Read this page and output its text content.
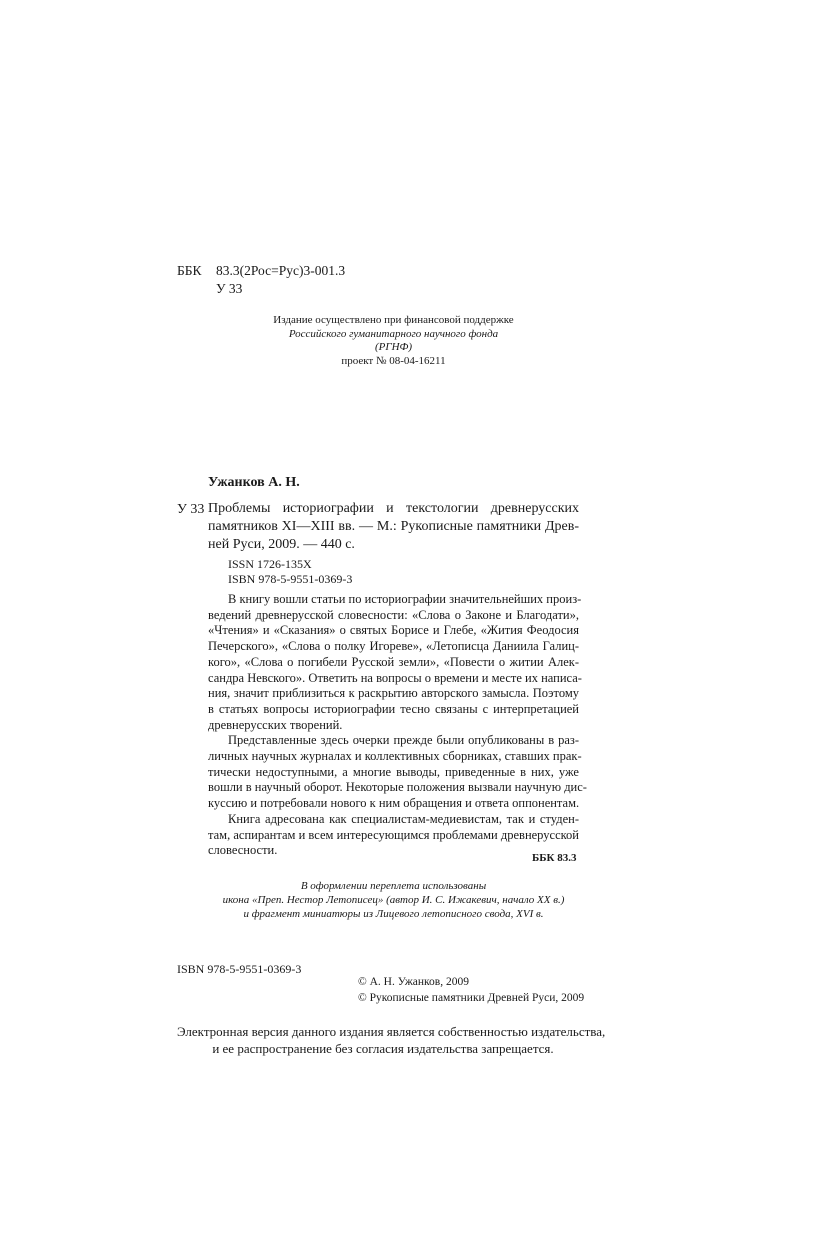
ББК 83.3(2Рос=Рус)3-001.3
У 33
Издание осуществлено при финансовой поддержке
Российского гуманитарного научного фонда
(РГНФ)
проект № 08-04-16211
Ужанков А. Н.
У 33 Проблемы историографии и текстологии древнерусских
памятников XI—XIII вв. — М.: Рукописные памятники Древ-
ней Руси, 2009. — 440 с.
ISSN 1726-135X
ISBN 978-5-9551-0369-3
В книгу вошли статьи по историографии значительнейших произ-
ведений древнерусской словесности: «Слова о Законе и Благодати»,
«Чтения» и «Сказания» о святых Борисе и Глебе, «Жития Феодосия
Печерского», «Слова о полку Игореве», «Летописца Даниила Галиц-
кого», «Слова о погибели Русской земли», «Повести о житии Алек-
сандра Невского». Ответить на вопросы о времени и месте их написа-
ния, значит приблизиться к раскрытию авторского замысла. Поэтому
в статьях вопросы историографии тесно связаны с интерпретацией
древнерусских творений.
Представленные здесь очерки прежде были опубликованы в раз-
личных научных журналах и коллективных сборниках, ставших прак-
тически недоступными, а многие выводы, приведенные в них, уже
вошли в научный оборот. Некоторые положения вызвали научную дис-
куссию и потребовали нового к ним обращения и ответа оппонентам.
Книга адресована как специалистам-медиевистам, так и студен-
там, аспирантам и всем интересующимся проблемами древнерусской
словесности.
ББК 83.3
В оформлении переплета использованы
икона «Преп. Нестор Летописец» (автор И. С. Ижакевич, начало XX в.)
и фрагмент миниатюры из Лицевого летописного свода, XVI в.
ISBN 978-5-9551-0369-3
© А. Н. Ужанков, 2009
© Рукописные памятники Древней Руси, 2009
Электронная версия данного издания является собственностью издательства,
и ее распространение без согласия издательства запрещается.
